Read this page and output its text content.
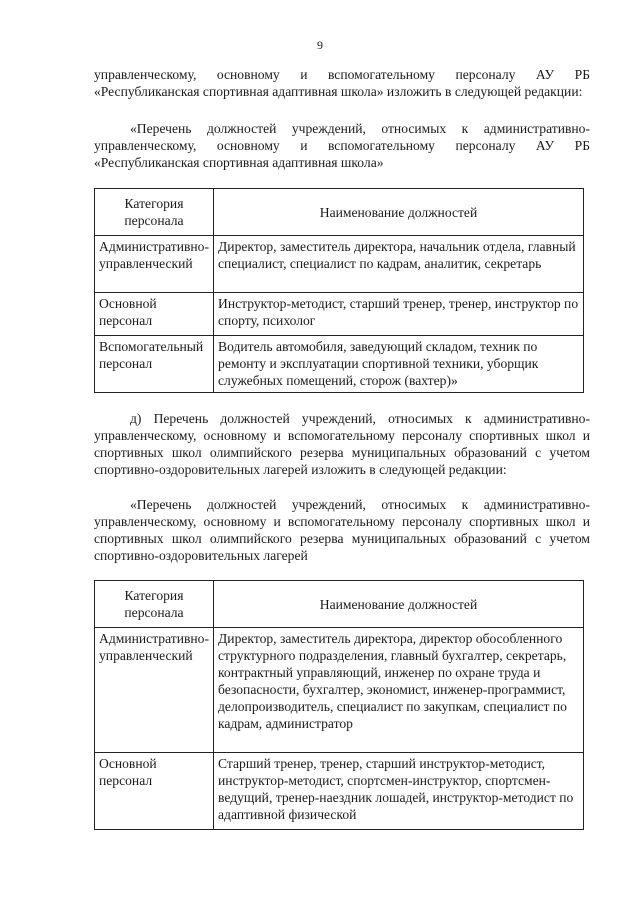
9

управленческому, основному и вспомогательному персоналу АУ РБ «Республиканская спортивная адаптивная школа» изложить в следующей редакции:

«Перечень должностей учреждений, относимых к административно-управленческому, основному и вспомогательному персоналу АУ РБ «Республиканская спортивная адаптивная школа»

Категория персонала	Наименование должностей
Административно-управленческий	Директор, заместитель директора, начальник отдела, главный специалист, специалист по кадрам, аналитик, секретарь
Основной персонал	Инструктор-методист, старший тренер, тренер, инструктор по спорту, психолог
Вспомогательный персонал	Водитель автомобиля, заведующий складом, техник по ремонту и эксплуатации спортивной техники, уборщик служебных помещений, сторож (вахтер)»

д) Перечень должностей учреждений, относимых к административно-управленческому, основному и вспомогательному персоналу спортивных школ и спортивных школ олимпийского резерва муниципальных образований с учетом спортивно-оздоровительных лагерей изложить в следующей редакции:

«Перечень должностей учреждений, относимых к административно-управленческому, основному и вспомогательному персоналу спортивных школ и спортивных школ олимпийского резерва муниципальных образований с учетом спортивно-оздоровительных лагерей

Категория персонала	Наименование должностей
Административно-управленческий	Директор, заместитель директора, директор обособленного структурного подразделения, главный бухгалтер, секретарь, контрактный управляющий, инженер по охране труда и безопасности, бухгалтер, экономист, инженер-программист, делопроизводитель, специалист по закупкам, специалист по кадрам, администратор
Основной персонал	Старший тренер, тренер, старший инструктор-методист, инструктор-методист, спортсмен-инструктор, спортсмен-ведущий, тренер-наездник лошадей, инструктор-методист по адаптивной физической
